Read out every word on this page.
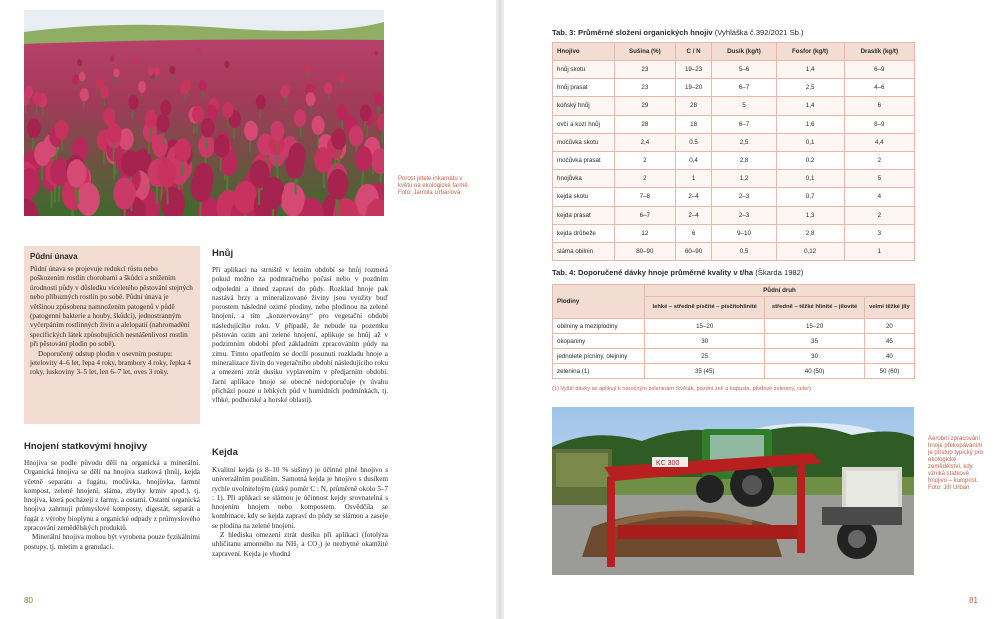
Porost jetele inkarnátu v květu na ekologické farmě. Foto: Jarmila Urbanová
Půdní únava

Půdní únava se projevuje redukcí růstu nebo poškozením rostlin chorobami a škůdci a snížením úrodnosti půdy v důsledku víceletého pěstování stejných nebo příbuzných rostlin po sobě. Půdní únava je většinou způsobena namnožením patogenů v půdě (patogenní bakterie a houby, škůdci), jednostranným vyčerpáním rostlinných živin a alelopatií (nahromadění specifických látek způsobujících nesnášenlivost rostlin při pěstování plodin po sobě).

Doporučený odstup plodin v osevním postupu: jetelovity 4–6 let, řepa 4 roky, brambory 4 roky, řepka 4 roky, luskoviny 3–5 let, len 6–7 let, oves 3 roky.

Hnojení statkovými hnojivy

Hnojiva se podle původu dělí na organická a minerální. Organická hnojiva se dělí na hnojiva statková (hnůj, kejda včetně separátu a fugátu, močůvka, hnojůvka, farmní kompost, zelené hnojení, sláma, zbytky krmiv apod.), tj. hnojiva, která pocházejí z farmy, a ostatní. Ostatní organická hnojiva zahrnují průmyslové komposty, digestát, separát a fugát z výroby bioplynu a organické odpady z průmyslového zpracování zemědělských produktů.

Minerální hnojiva mohou být vyrobena pouze fyzikálními postupy, tj. mletím a granulací.

Hnůj

Při aplikaci na strniště v letním období se hnůj rozmetá pokud možno za podmračného počasí nebo v pozdním odpoledni a ihned zapraví do půdy. Rozklad hnoje pak nastává brzy a mineralizované živiny jsou využity buď porostem následné ozimé plodiny, nebo plodinou na zelené hnojení, a tím „konzervovány“ pro vegetační období následujícího roku. V případě, že nebude na pozemku pěstován ozim ani zelené hnojení, aplikuje se hnůj až v podzimním období před základním zpracováním půdy na zimu. Tímto opatřením se docílí posunutí rozkladu hnoje a mineralizace živin do vegetačního období následujícího roku a omezení ztrát dusíku vyplavením v předjarním období. Jarní aplikace hnoje se obecně nedoporučuje (v úvahu přichází pouze u lehkých půd v humidních podmínkách, tj. vlhké, podhorské a horské oblasti).

Kejda

Kvalitní kejda (s 8–10 % sušiny) je účinné plné hnojivo s univerzálním použitím. Samotná kejda je hnojivo s dusíkem rychle uvolnitelným (úzký poměr C : N, průměrně okolo 5–7 : 1). Při aplikaci se slámou je účinnost kejdy srovnatelná s hnojením hnojem nebo kompostem. Osvědčila se kombinace, kdy se kejda zapraví do půdy se slámou a zaseje se plodina na zelené hnojení.

Z hlediska omezení ztrát dusíku při aplikaci (fotolýza uhličitanu amonného na NH₃ a CO₂) je nezbytné okamžité zapravení. Kejda je vhodná

80
Tab. 3: Průměrné složení organických hnojiv (Vyhláška č.392/2021 Sb.)
Hnojivo	Sušina (%)	C / N	Dusík (kg/t)	Fosfor (kg/t)	Draslík (kg/t)
hnůj skotu	23	19–23	5–6	1,4	6–9
hnůj prasat	23	19–20	6–7	2,5	4–6
koňský hnůj	29	28	5	1,4	6
ovčí a kozí hnůj	28	18	6–7	1,6	8–9
močůvka skotu	2,4	0.5	2,5	0,1	4,4
močůvka prasat	2	0,4	2,8	0,2	2
hnojůvka	2	1	1,2	0,1	5
kejda skotu	7–8	2–4	2–3	0,7	4
kejda prasat	6–7	2–4	2–3	1,3	2
kejda drůbeže	12	6	9–10	2,8	3
sláma obilnin	80–90	60–90	0,5	0,12	1
Tab. 4: Doporučené dávky hnoje průměrné kvality v t/ha (Škarda 1982)
Plodiny	Půdní druh		
	lehké – středně písčité – písčitohlinité	středně – těžké hlinité – jílovité	velmi těžké jíly
obilniny a meziplodiny	15–20	15–20	20
okopaniny	30	35	45
jednoleté pícniny, olejniny	25	30	40
zelenina (1)	35 (45)	40 (50)	50 (60)
(1) Vyšší dávky se aplikují k náročným zeleninám (květák, pozdní zelí a kapusta, plodové zeleniny, celer)
KC 300
Aerobní zpracování hnoje překopáváním je přístup typický pro ekologické zemědělství, kdy vzniká statkové hnojivo – kompost. Foto: Jiří Urban
81
